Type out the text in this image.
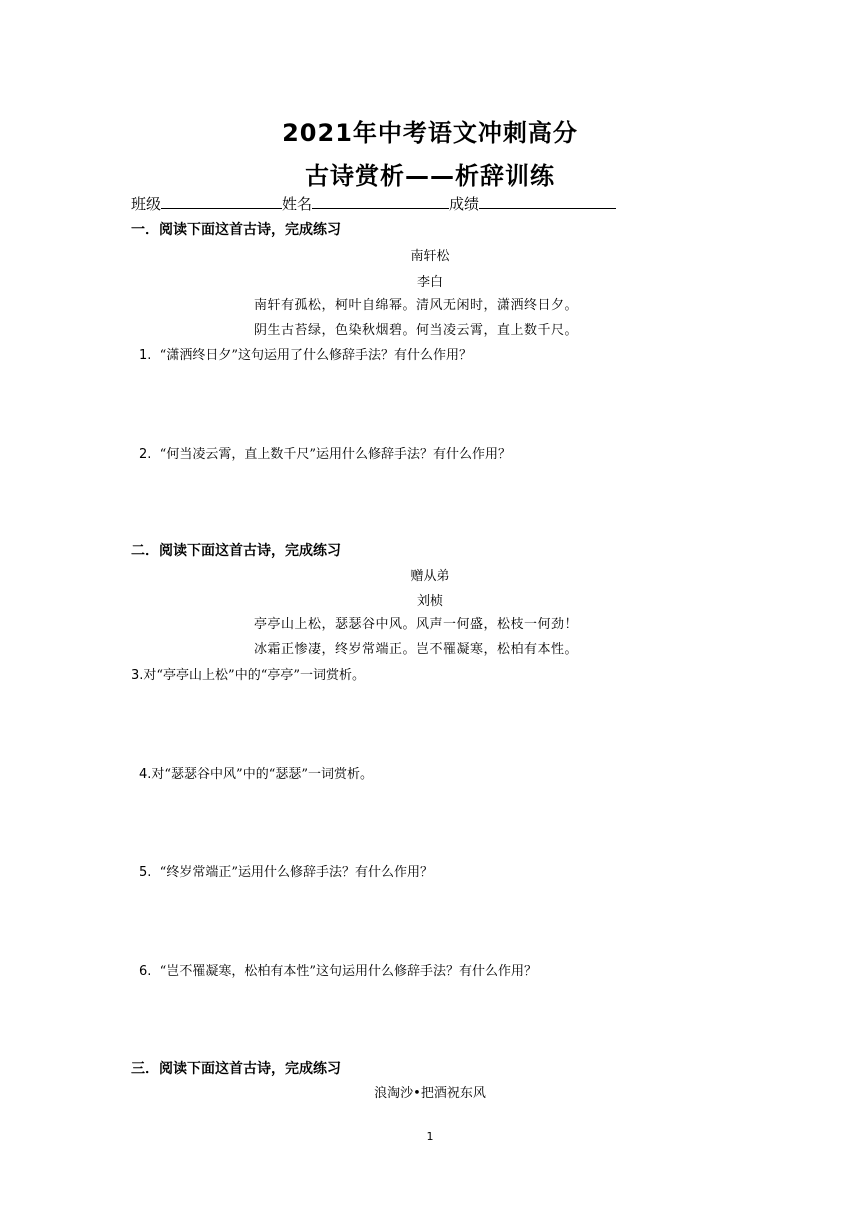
2021年中考语文冲刺高分
古诗赏析——析辞训练
班级	姓名	成绩
一．阅读下面这首古诗，完成练习
南轩松
李白
南轩有孤松，柯叶自绵幂。清风无闲时，潇洒终日夕。
阴生古苔绿，色染秋烟碧。何当凌云霄，直上数千尺。
1. “潇洒终日夕”这句运用了什么修辞手法？有什么作用？
2. “何当凌云霄，直上数千尺”运用什么修辞手法？有什么作用？
二．阅读下面这首古诗，完成练习
赠从弟
刘桢
亭亭山上松，瑟瑟谷中风。风声一何盛，松枝一何劲！
冰霜正惨凄，终岁常端正。岂不罹凝寒，松柏有本性。
3.对“亭亭山上松”中的“亭亭”一词赏析。
4.对“瑟瑟谷中风”中的“瑟瑟”一词赏析。
5. “终岁常端正”运用什么修辞手法？有什么作用？
6. “岂不罹凝寒，松柏有本性”这句运用什么修辞手法？有什么作用？
三．阅读下面这首古诗，完成练习
浪淘沙•把酒祝东风
1
